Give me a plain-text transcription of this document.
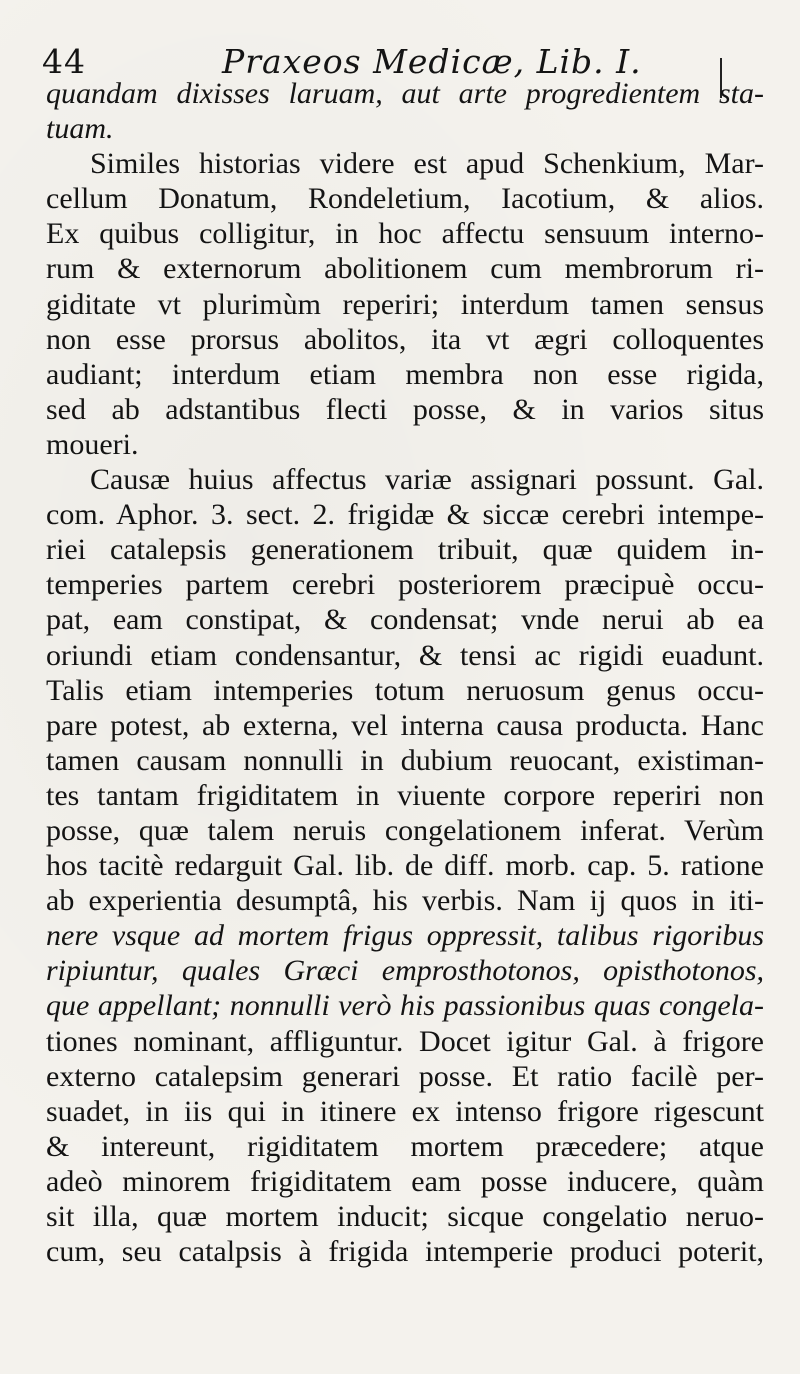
44	Praxeos Medicæ, Lib. I.
quandam dixisses laruam, aut arte progredientem sta-
tuam.
Similes historias videre est apud Schenkium, Mar-
cellum Donatum, Rondeletium, Iacotium, & alios.
Ex quibus colligitur, in hoc affectu sensuum interno-
rum & externorum abolitionem cum membrorum ri-
giditate vt plurimùm reperiri; interdum tamen sensus
non esse prorsus abolitos, ita vt ægri colloquentes
audiant; interdum etiam membra non esse rigida,
sed ab adstantibus flecti posse, & in varios situs
moueri.
Causæ huius affectus variæ assignari possunt. Gal.
com. Aphor. 3. sect. 2. frigidæ & siccæ cerebri intempe-
riei catalepsis generationem tribuit, quæ quidem in-
temperies partem cerebri posteriorem præcipuè occu-
pat, eam constipat, & condensat; vnde nerui ab ea
oriundi etiam condensantur, & tensi ac rigidi euadunt.
Talis etiam intemperies totum neruosum genus occu-
pare potest, ab externa, vel interna causa producta. Hanc
tamen causam nonnulli in dubium reuocant, existiman-
tes tantam frigiditatem in viuente corpore reperiri non
posse, quæ talem neruis congelationem inferat. Verùm
hos tacitè redarguit Gal. lib. de diff. morb. cap. 5. ratione
ab experientia desumptâ, his verbis. Nam ij quos in iti-
nere vsque ad mortem frigus oppressit, talibus rigoribus
ripiuntur, quales Græci emprosthotonos, opisthotonos,
que appellant; nonnulli verò his passionibus quas congela-
tiones nominant, affliguntur. Docet igitur Gal. à frigore
externo catalepsim generari posse. Et ratio facilè per-
suadet, in iis qui in itinere ex intenso frigore rigescunt
& intereunt, rigiditatem mortem præcedere; atque
adeò minorem frigiditatem eam posse inducere, quàm
sit illa, quæ mortem inducit; sicque congelatio neruo-
cum, seu catalpsis à frigida intemperie produci poterit,
